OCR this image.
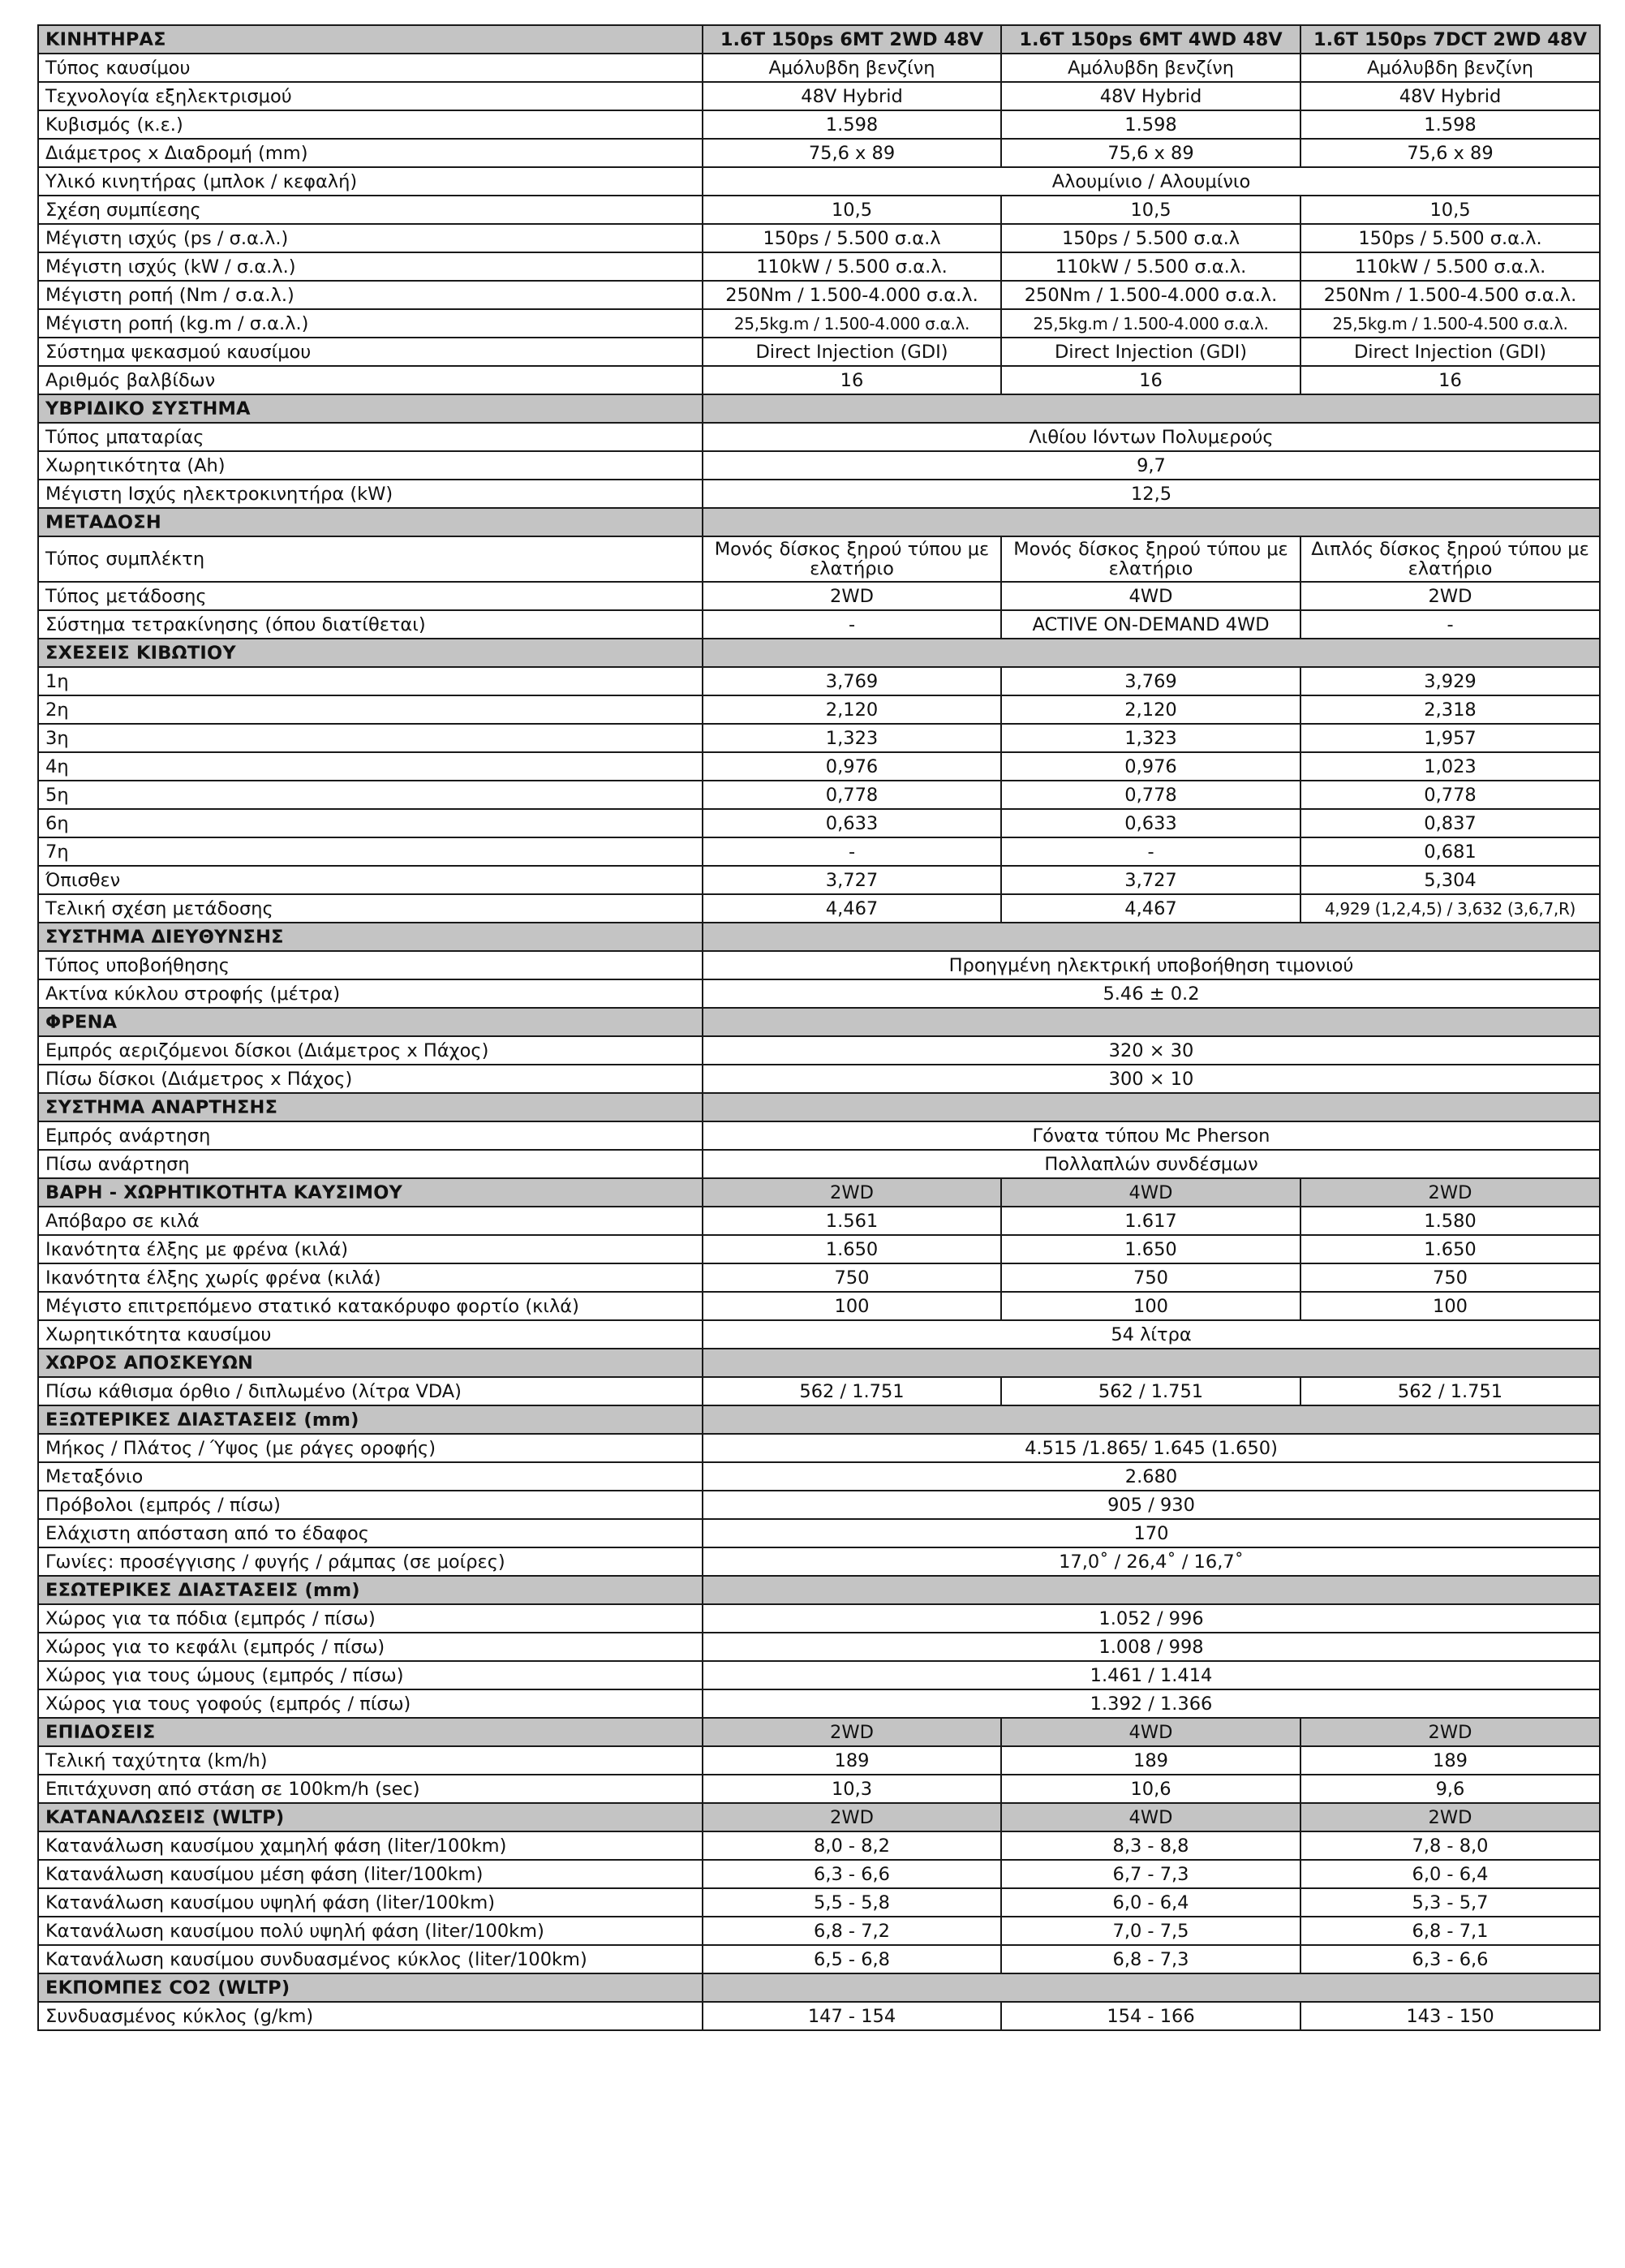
ΚΙΝΗΤΗΡΑΣ	1.6T 150ps 6MT 2WD 48V	1.6T 150ps 6MT 4WD 48V	1.6T 150ps 7DCT 2WD 48V
Τύπος καυσίμου	Αμόλυβδη βενζίνη	Αμόλυβδη βενζίνη	Αμόλυβδη βενζίνη
Τεχνολογία εξηλεκτρισμού	48V Hybrid	48V Hybrid	48V Hybrid
Κυβισμός (κ.ε.)	1.598	1.598	1.598
Διάμετρος x Διαδρομή (mm)	75,6 x 89	75,6 x 89	75,6 x 89
Υλικό κινητήρας (μπλοκ / κεφαλή)	Αλουμίνιο / Αλουμίνιο		
Σχέση συμπίεσης	10,5	10,5	10,5
Μέγιστη ισχύς (ps / σ.α.λ.)	150ps / 5.500 σ.α.λ	150ps / 5.500 σ.α.λ	150ps / 5.500 σ.α.λ.
Μέγιστη ισχύς (kW / σ.α.λ.)	110kW / 5.500 σ.α.λ.	110kW / 5.500 σ.α.λ.	110kW / 5.500 σ.α.λ.
Μέγιστη ροπή (Nm / σ.α.λ.)	250Nm / 1.500-4.000 σ.α.λ.	250Nm / 1.500-4.000 σ.α.λ.	250Nm / 1.500-4.500 σ.α.λ.
Μέγιστη ροπή (kg.m / σ.α.λ.)	25,5kg.m / 1.500-4.000 σ.α.λ.	25,5kg.m / 1.500-4.000 σ.α.λ.	25,5kg.m / 1.500-4.500 σ.α.λ.
Σύστημα ψεκασμού καυσίμου	Direct Injection (GDI)	Direct Injection (GDI)	Direct Injection (GDI)
Αριθμός βαλβίδων	16	16	16
ΥΒΡΙΔΙΚΟ ΣΥΣΤΗΜΑ			
Τύπος μπαταρίας	Λιθίου Ιόντων Πολυμερούς		
Χωρητικότητα (Ah)	9,7		
Μέγιστη Ισχύς ηλεκτροκινητήρα (kW)	12,5		
ΜΕΤΑΔΟΣΗ			
Τύπος συμπλέκτη	Μονός δίσκος ξηρού τύπου με ελατήριο	Μονός δίσκος ξηρού τύπου με ελατήριο	Διπλός δίσκος ξηρού τύπου με ελατήριο
Τύπος μετάδοσης	2WD	4WD	2WD
Σύστημα τετρακίνησης (όπου διατίθεται)	-	ACTIVE ON-DEMAND 4WD	-
ΣΧΕΣΕΙΣ ΚΙΒΩΤΙΟΥ			
1η	3,769	3,769	3,929
2η	2,120	2,120	2,318
3η	1,323	1,323	1,957
4η	0,976	0,976	1,023
5η	0,778	0,778	0,778
6η	0,633	0,633	0,837
7η	-	-	0,681
Όπισθεν	3,727	3,727	5,304
Τελική σχέση μετάδοσης	4,467	4,467	4,929 (1,2,4,5) / 3,632 (3,6,7,R)
ΣΥΣΤΗΜΑ ΔΙΕΥΘΥΝΣΗΣ			
Τύπος υποβοήθησης	Προηγμένη ηλεκτρική υποβοήθηση τιμονιού		
Ακτίνα κύκλου στροφής (μέτρα)	5.46 ± 0.2		
ΦΡΕΝΑ			
Εμπρός αεριζόμενοι δίσκοι (Διάμετρος x Πάχος)	320 × 30		
Πίσω δίσκοι (Διάμετρος x Πάχος)	300 × 10		
ΣΥΣΤΗΜΑ ΑΝΑΡΤΗΣΗΣ			
Εμπρός ανάρτηση	Γόνατα τύπου Mc Pherson		
Πίσω ανάρτηση	Πολλαπλών συνδέσμων		
ΒΑΡΗ - ΧΩΡΗΤΙΚΟΤΗΤΑ ΚΑΥΣΙΜΟΥ	2WD	4WD	2WD
Απόβαρο σε κιλά	1.561	1.617	1.580
Ικανότητα έλξης με φρένα (κιλά)	1.650	1.650	1.650
Ικανότητα έλξης χωρίς φρένα (κιλά)	750	750	750
Μέγιστο επιτρεπόμενο στατικό κατακόρυφο φορτίο (κιλά)	100	100	100
Χωρητικότητα καυσίμου	54 λίτρα		
ΧΩΡΟΣ ΑΠΟΣΚΕΥΩΝ			
Πίσω κάθισμα όρθιο / διπλωμένο (λίτρα VDA)	562 / 1.751	562 / 1.751	562 / 1.751
ΕΞΩΤΕΡΙΚΕΣ ΔΙΑΣΤΑΣΕΙΣ (mm)			
Μήκος / Πλάτος / Ύψος (με ράγες οροφής)	4.515 /1.865/ 1.645 (1.650)		
Μεταξόνιο	2.680		
Πρόβολοι (εμπρός / πίσω)	905 / 930		
Ελάχιστη απόσταση από το έδαφος	170		
Γωνίες: προσέγγισης / φυγής / ράμπας (σε μοίρες)	17,0˚ / 26,4˚ / 16,7˚		
ΕΣΩΤΕΡΙΚΕΣ ΔΙΑΣΤΑΣΕΙΣ (mm)			
Χώρος για τα πόδια (εμπρός / πίσω)	1.052 / 996		
Χώρος για το κεφάλι (εμπρός / πίσω)	1.008 / 998		
Χώρος για τους ώμους (εμπρός / πίσω)	1.461 / 1.414		
Χώρος για τους γοφούς (εμπρός / πίσω)	1.392 / 1.366		
ΕΠΙΔΟΣΕΙΣ	2WD	4WD	2WD
Τελική ταχύτητα (km/h)	189	189	189
Επιτάχυνση από στάση σε 100km/h (sec)	10,3	10,6	9,6
ΚΑΤΑΝΑΛΩΣΕΙΣ (WLTP)	2WD	4WD	2WD
Κατανάλωση καυσίμου χαμηλή φάση (liter/100km)	8,0 - 8,2	8,3 - 8,8	7,8 - 8,0
Κατανάλωση καυσίμου μέση φάση (liter/100km)	6,3 - 6,6	6,7 - 7,3	6,0 - 6,4
Κατανάλωση καυσίμου υψηλή φάση (liter/100km)	5,5 - 5,8	6,0 - 6,4	5,3 - 5,7
Κατανάλωση καυσίμου πολύ υψηλή φάση (liter/100km)	6,8 - 7,2	7,0 - 7,5	6,8 - 7,1
Κατανάλωση καυσίμου συνδυασμένος κύκλος (liter/100km)	6,5 - 6,8	6,8 - 7,3	6,3 - 6,6
ΕΚΠΟΜΠΕΣ CO2 (WLTP)			
Συνδυασμένος κύκλος (g/km)	147 - 154	154 - 166	143 - 150
